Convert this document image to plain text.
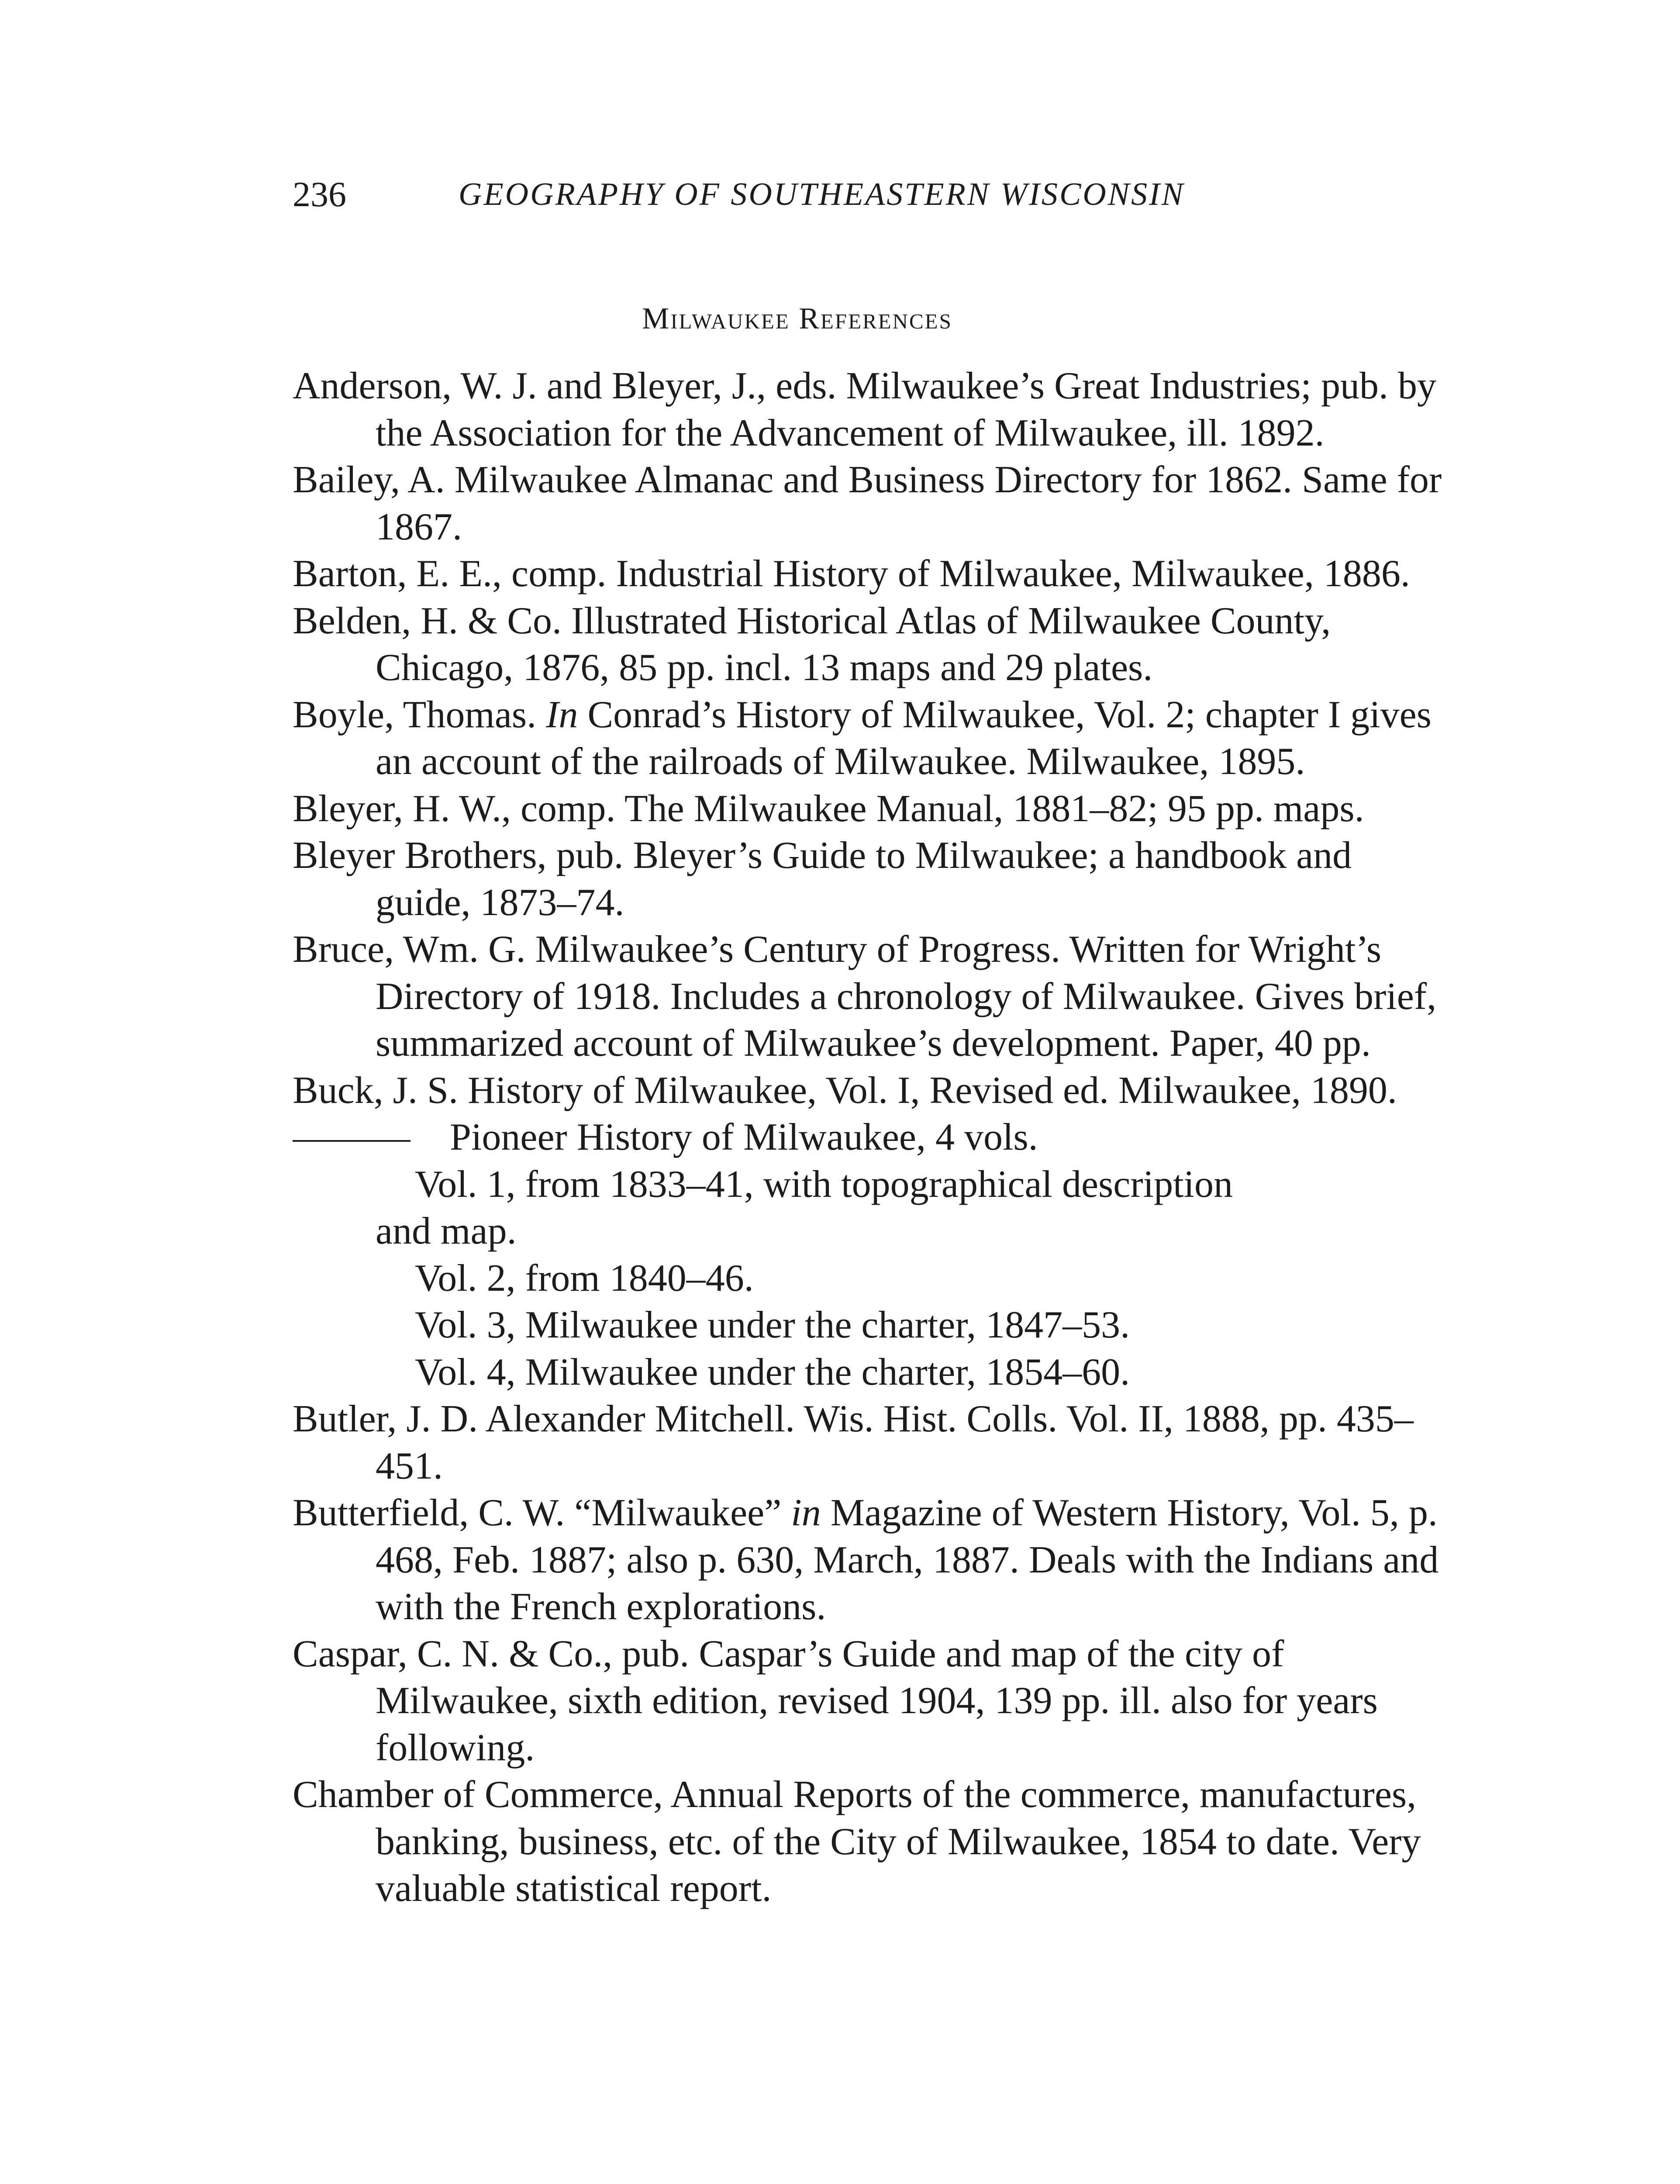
236	GEOGRAPHY OF SOUTHEASTERN WISCONSIN
Milwaukee References

Anderson, W. J. and Bleyer, J., eds. Milwaukee’s Great Industries; pub. by the Association for the Advancement of Milwaukee, ill. 1892.

Bailey, A. Milwaukee Almanac and Business Directory for 1862. Same for 1867.

Barton, E. E., comp. Industrial History of Milwaukee, Milwaukee, 1886.

Belden, H. & Co. Illustrated Historical Atlas of Milwaukee County, Chicago, 1876, 85 pp. incl. 13 maps and 29 plates.

Boyle, Thomas. In Conrad’s History of Milwaukee, Vol. 2; chapter I gives an account of the railroads of Milwaukee. Milwaukee, 1895.

Bleyer, H. W., comp. The Milwaukee Manual, 1881–82; 95 pp. maps.

Bleyer Brothers, pub. Bleyer’s Guide to Milwaukee; a handbook and guide, 1873–74.

Bruce, Wm. G. Milwaukee’s Century of Progress. Written for Wright’s Directory of 1918. Includes a chronology of Milwaukee. Gives brief, summarized account of Milwaukee’s development. Paper, 40 pp.

Buck, J. S. History of Milwaukee, Vol. I, Revised ed. Milwaukee, 1890.

Pioneer History of Milwaukee, 4 vols.

Vol. 1, from 1833–41, with topographical description

and map.

Vol. 2, from 1840–46.

Vol. 3, Milwaukee under the charter, 1847–53.

Vol. 4, Milwaukee under the charter, 1854–60.

Butler, J. D. Alexander Mitchell. Wis. Hist. Colls. Vol. II, 1888, pp. 435–451.

Butterfield, C. W. “Milwaukee” in Magazine of Western History, Vol. 5, p. 468, Feb. 1887; also p. 630, March, 1887. Deals with the Indians and with the French explorations.

Caspar, C. N. & Co., pub. Caspar’s Guide and map of the city of Milwaukee, sixth edition, revised 1904, 139 pp. ill. also for years following.

Chamber of Commerce, Annual Reports of the commerce, manufactures, banking, business, etc. of the City of Milwaukee, 1854 to date. Very valuable statistical report.
